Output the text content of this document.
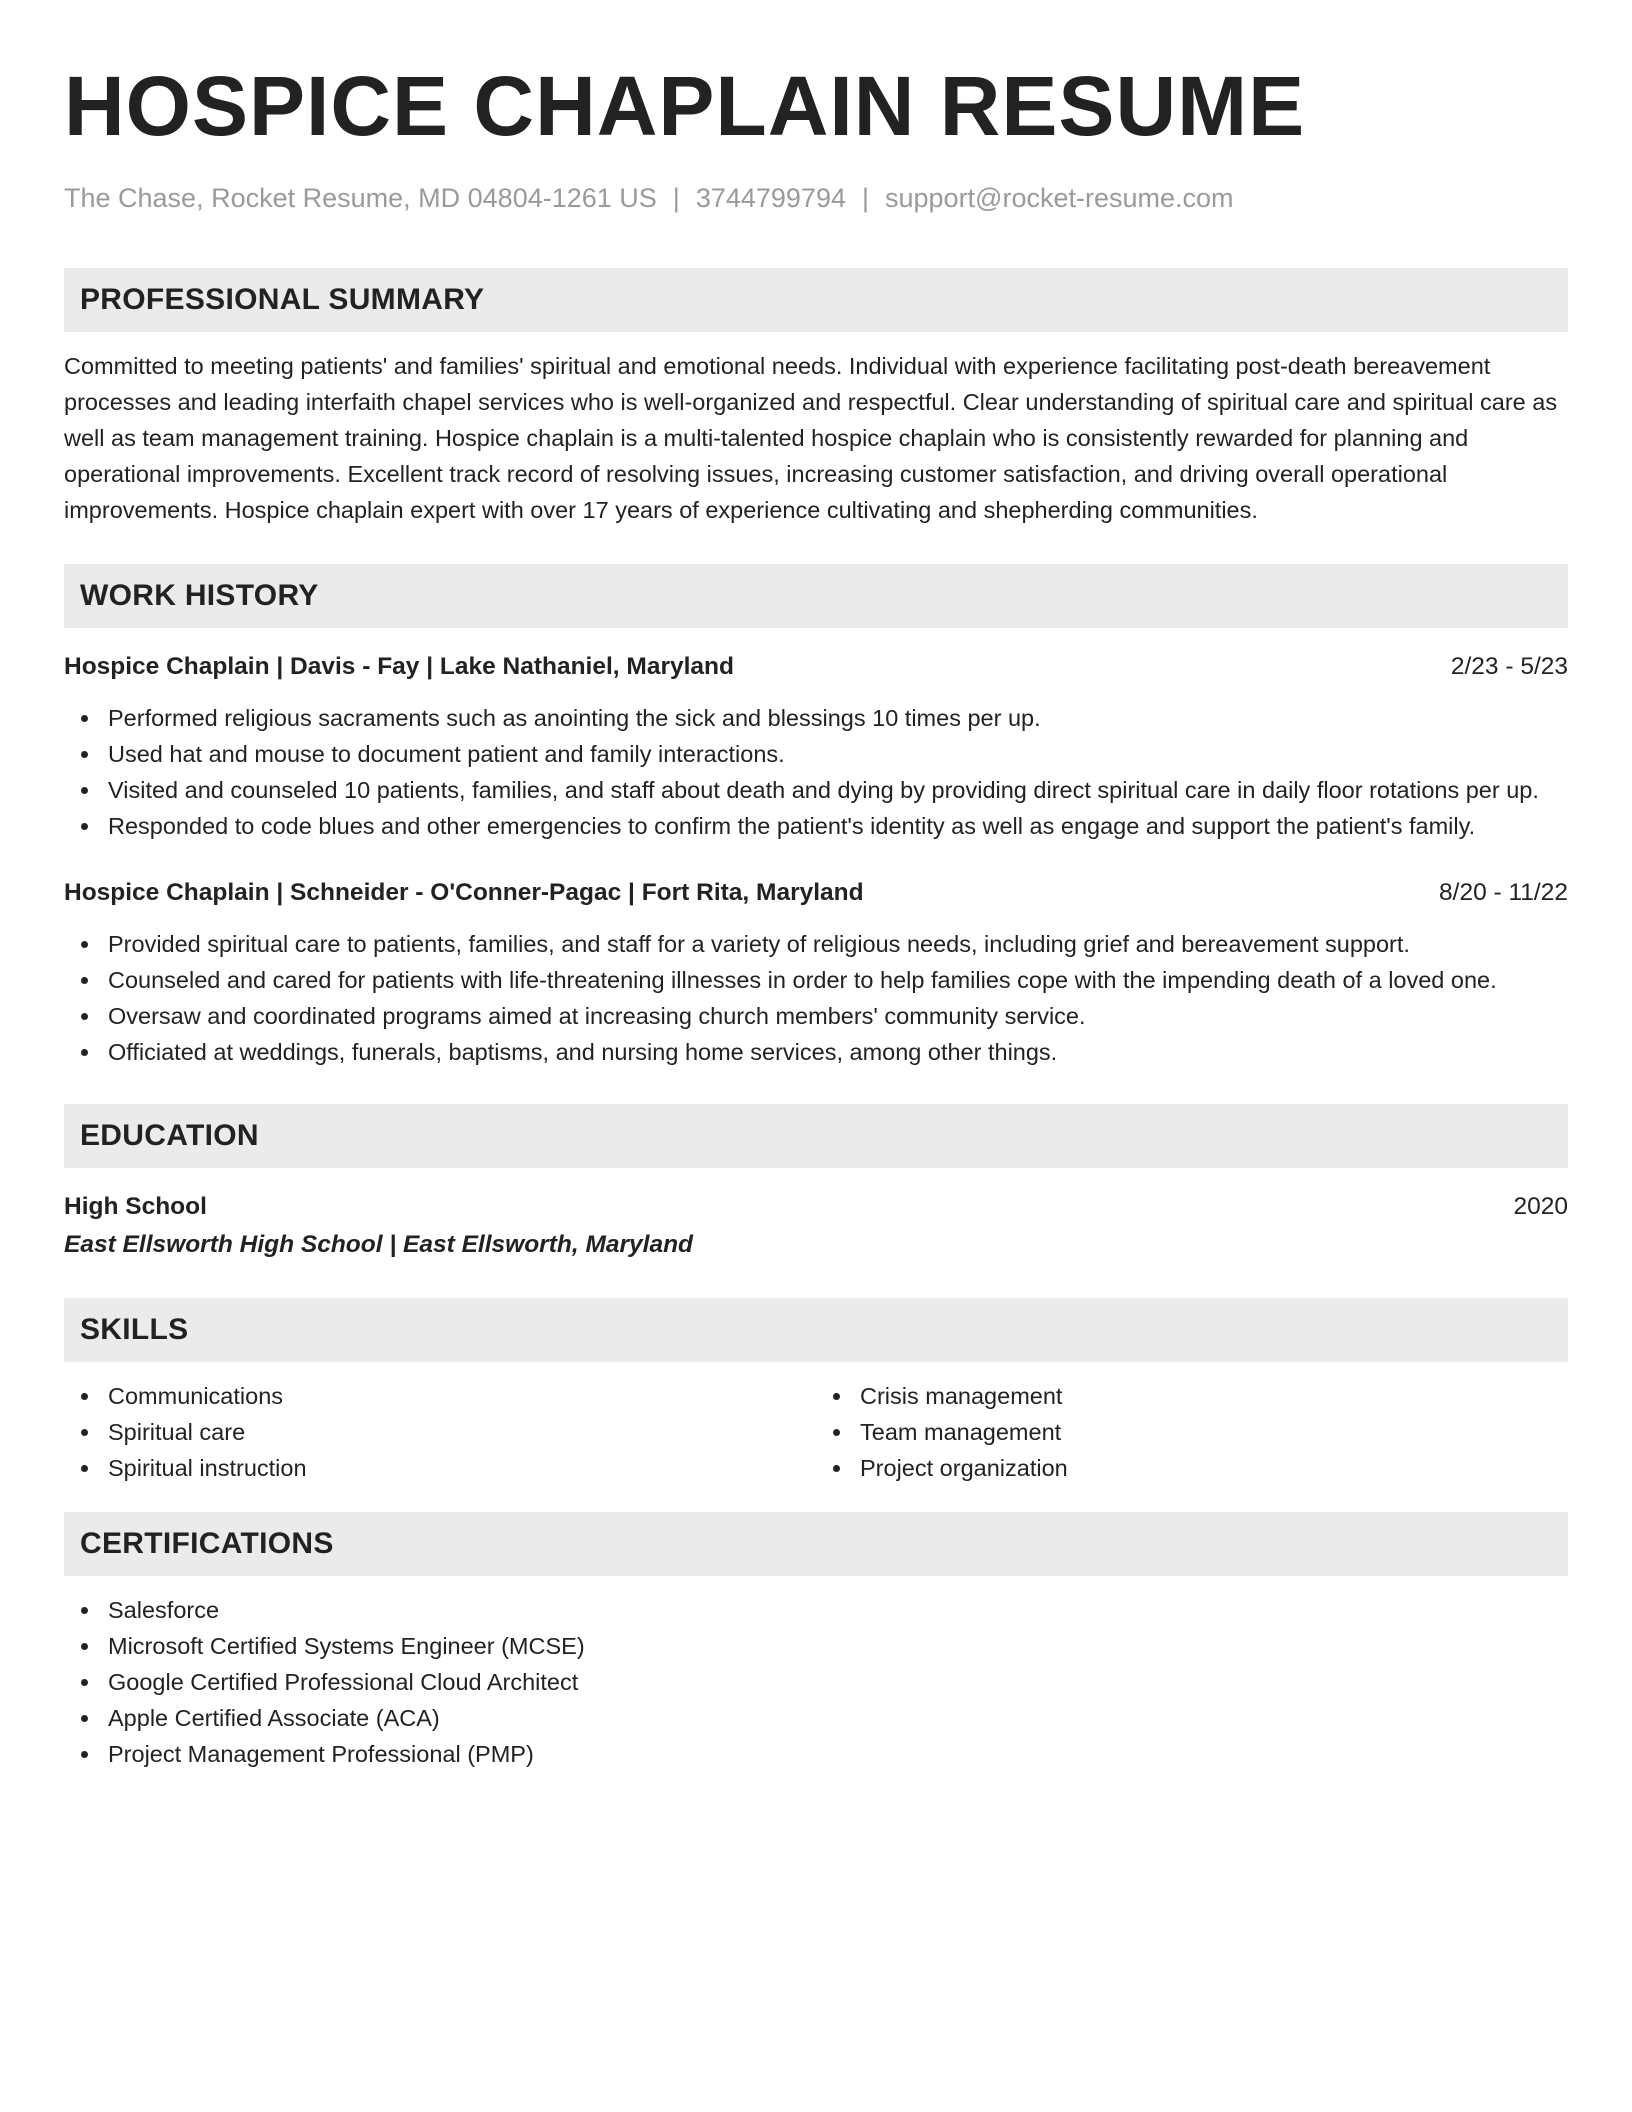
HOSPICE CHAPLAIN RESUME
The Chase, Rocket Resume, MD 04804-1261 US | 3744799794 | support@rocket-resume.com
PROFESSIONAL SUMMARY

Committed to meeting patients' and families' spiritual and emotional needs. Individual with experience facilitating post-death bereavement processes and leading interfaith chapel services who is well-organized and respectful. Clear understanding of spiritual care and spiritual care as well as team management training. Hospice chaplain is a multi-talented hospice chaplain who is consistently rewarded for planning and operational improvements. Excellent track record of resolving issues, increasing customer satisfaction, and driving overall operational improvements. Hospice chaplain expert with over 17 years of experience cultivating and shepherding communities.

WORK HISTORY
Hospice Chaplain | Davis - Fay | Lake Nathaniel, Maryland	2/23 - 5/23
Performed religious sacraments such as anointing the sick and blessings 10 times per up.
Used hat and mouse to document patient and family interactions.
Visited and counseled 10 patients, families, and staff about death and dying by providing direct spiritual care in daily floor rotations per up.
Responded to code blues and other emergencies to confirm the patient's identity as well as engage and support the patient's family.
Hospice Chaplain | Schneider - O'Conner-Pagac | Fort Rita, Maryland	8/20 - 11/22
Provided spiritual care to patients, families, and staff for a variety of religious needs, including grief and bereavement support.
Counseled and cared for patients with life-threatening illnesses in order to help families cope with the impending death of a loved one.
Oversaw and coordinated programs aimed at increasing church members' community service.
Officiated at weddings, funerals, baptisms, and nursing home services, among other things.
EDUCATION
High School	2020
East Ellsworth High School | East Ellsworth, Maryland
SKILLS
Communications
Spiritual care
Spiritual instruction
Crisis management
Team management
Project organization
CERTIFICATIONS
Salesforce
Microsoft Certified Systems Engineer (MCSE)
Google Certified Professional Cloud Architect
Apple Certified Associate (ACA)
Project Management Professional (PMP)
